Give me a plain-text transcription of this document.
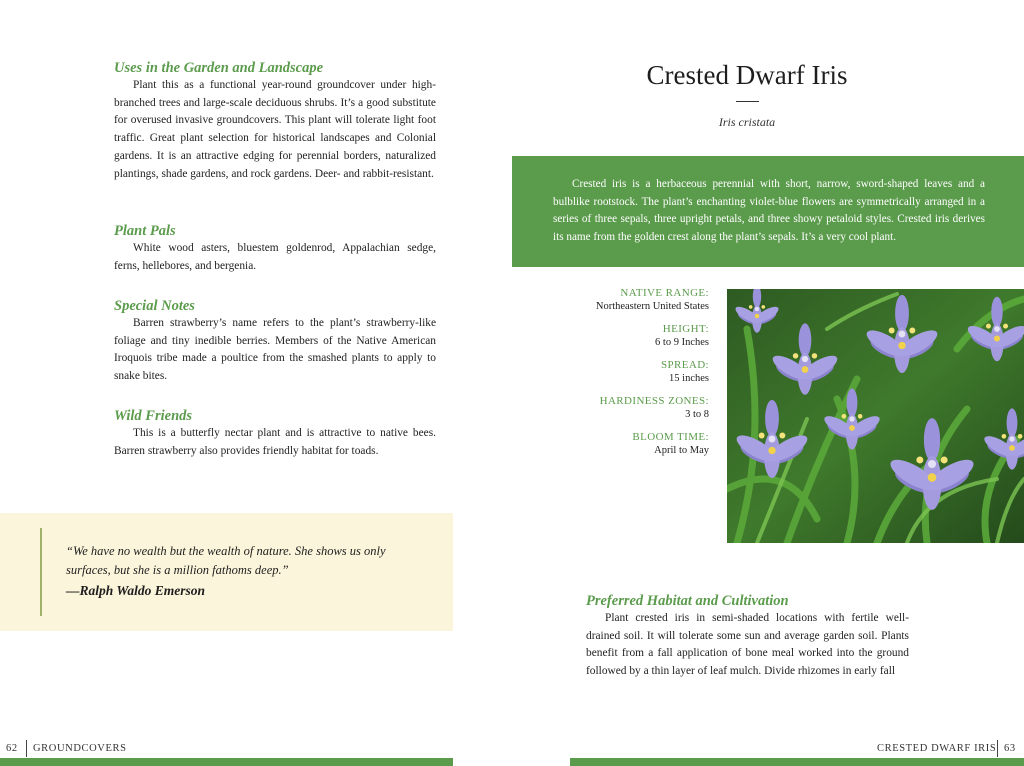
Uses in the Garden and Landscape

Plant this as a functional year-round groundcover under high-branched trees and large-scale deciduous shrubs. It’s a good substitute for overused invasive groundcovers. This plant will tolerate light foot traffic. Great plant selection for historical landscapes and Colonial gardens. It is an attractive edging for perennial borders, naturalized plantings, shade gardens, and rock gardens. Deer- and rabbit-resistant.

Plant Pals

White wood asters, bluestem goldenrod, Appalachian sedge, ferns, hellebores, and bergenia.

Special Notes

Barren strawberry’s name refers to the plant’s strawberry-like foliage and tiny inedible berries. Members of the Native American Iroquois tribe made a poultice from the smashed plants to apply to snake bites.

Wild Friends

This is a butterfly nectar plant and is attractive to native bees. Barren strawberry also provides friendly habitat for toads.

“We have no wealth but the wealth of nature. She shows us only surfaces, but she is a million fathoms deep.”

—Ralph Waldo Emerson

62 GROUNDCOVERS
Crested Dwarf Iris

Iris cristata

Crested iris is a herbaceous perennial with short, narrow, sword-shaped leaves and a bulblike rootstock. The plant’s enchanting violet-blue flowers are symmetrically arranged in a series of three sepals, three upright petals, and three showy petaloid styles. Crested iris derives its name from the golden crest along the plant’s sepals. It’s a very cool plant.

NATIVE RANGE:
Northeastern United States
HEIGHT:
6 to 9 Inches
SPREAD:
15 inches
HARDINESS ZONES:
3 to 8
BLOOM TIME:
April to May
Preferred Habitat and Cultivation

Plant crested iris in semi-shaded locations with fertile well-drained soil. It will tolerate some sun and average garden soil. Plants benefit from a fall application of bone meal worked into the ground followed by a thin layer of leaf mulch. Divide rhizomes in early fall

CRESTED DWARF IRIS 63
